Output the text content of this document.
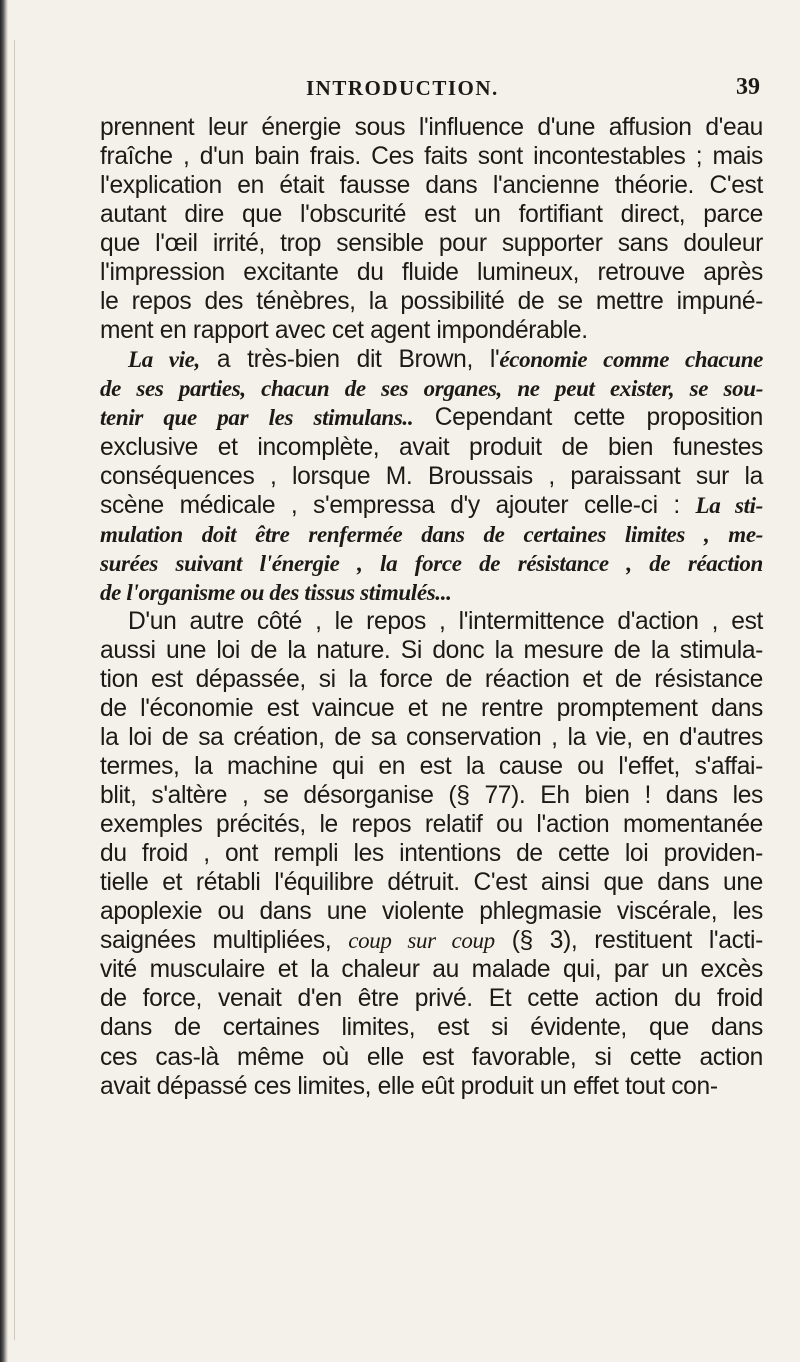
INTRODUCTION.	39
prennent leur énergie sous l'influence d'une affusion d'eau
fraîche , d'un bain frais. Ces faits sont incontestables ; mais
l'explication en était fausse dans l'ancienne théorie. C'est
autant dire que l'obscurité est un fortifiant direct, parce
que l'œil irrité, trop sensible pour supporter sans douleur
l'impression excitante du fluide lumineux, retrouve après
le repos des ténèbres, la possibilité de se mettre impuné-
ment en rapport avec cet agent impondérable.
La vie, a très-bien dit Brown, l'économie comme chacune
de ses parties, chacun de ses organes, ne peut exister, se sou-
tenir que par les stimulans.. Cependant cette proposition
exclusive et incomplète, avait produit de bien funestes
conséquences , lorsque M. Broussais , paraissant sur la
scène médicale , s'empressa d'y ajouter celle-ci : La sti-
mulation doit être renfermée dans de certaines limites , me-
surées suivant l'énergie , la force de résistance , de réaction
de l'organisme ou des tissus stimulés...
D'un autre côté , le repos , l'intermittence d'action , est
aussi une loi de la nature. Si donc la mesure de la stimula-
tion est dépassée, si la force de réaction et de résistance
de l'économie est vaincue et ne rentre promptement dans
la loi de sa création, de sa conservation , la vie, en d'autres
termes, la machine qui en est la cause ou l'effet, s'affai-
blit, s'altère , se désorganise (§ 77). Eh bien ! dans les
exemples précités, le repos relatif ou l'action momentanée
du froid , ont rempli les intentions de cette loi providen-
tielle et rétabli l'équilibre détruit. C'est ainsi que dans une
apoplexie ou dans une violente phlegmasie viscérale, les
saignées multipliées, coup sur coup (§ 3), restituent l'acti-
vité musculaire et la chaleur au malade qui, par un excès
de force, venait d'en être privé. Et cette action du froid
dans de certaines limites, est si évidente, que dans
ces cas-là même où elle est favorable, si cette action
avait dépassé ces limites, elle eût produit un effet tout con-
